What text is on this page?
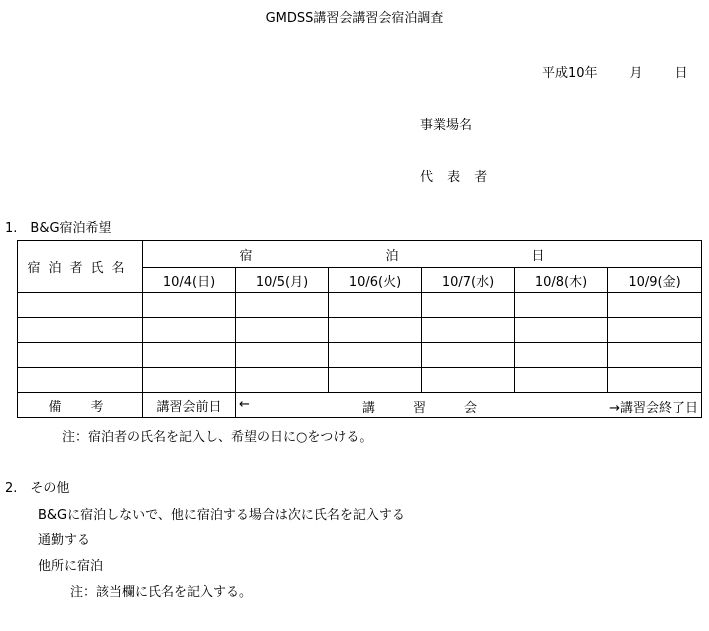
GMDSS講習会講習会宿泊調査
平成10年 月 日
事業場名
代 表 者
1.　B&G宿泊希望
宿泊者氏名	宿　泊　日					
	10/4(日)	10/5(月)	10/6(火)	10/7(水)	10/8(木)	10/9(金)

備　考	講習会前日	← 講習会 →講習会終了日				
注：宿泊者の氏名を記入し、希望の日に○をつける。
2.　その他
B&Gに宿泊しないで、他に宿泊する場合は次に氏名を記入する
通勤する
他所に宿泊
注：該当欄に氏名を記入する。
